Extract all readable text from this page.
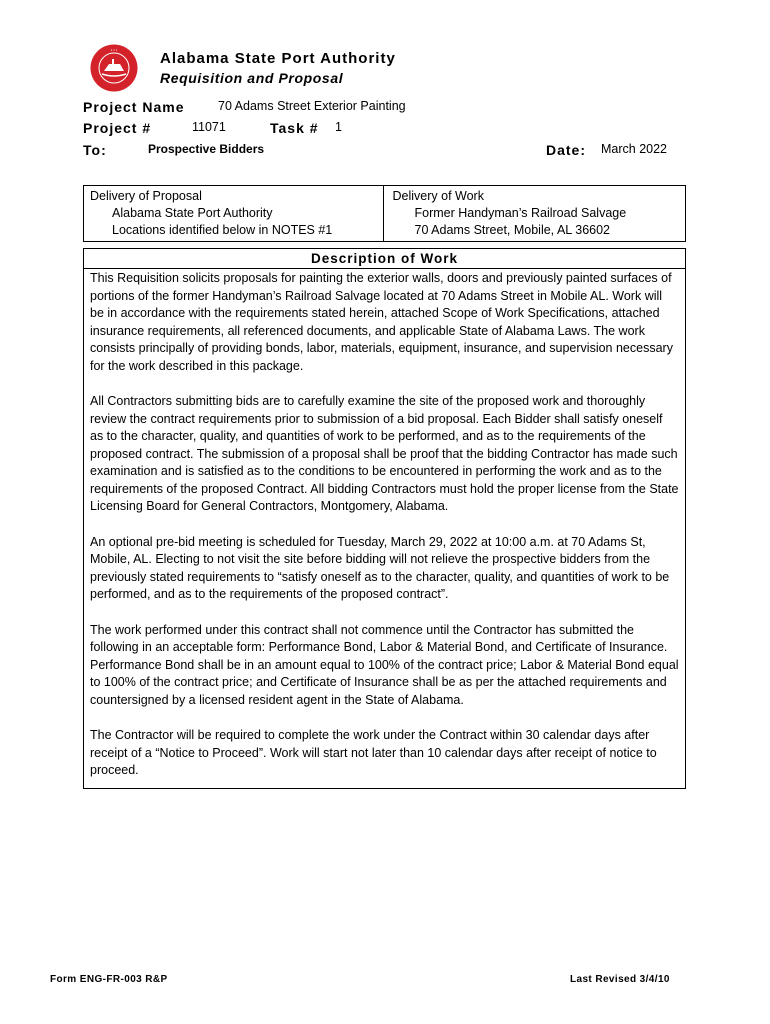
• • •
Alabama State Port Authority
Requisition and Proposal
Project Name	70 Adams Street Exterior Painting
Project #	11071	Task # 1
To:	Prospective Bidders	Date: March 2022
Delivery of Proposal
Alabama State Port Authority
Locations identified below in NOTES #1
Delivery of Work
Former Handyman’s Railroad Salvage
70 Adams Street, Mobile, AL 36602
Description of Work

This Requisition solicits proposals for painting the exterior walls, doors and previously painted surfaces of portions of the former Handyman’s Railroad Salvage located at 70 Adams Street in Mobile AL. Work will be in accordance with the requirements stated herein, attached Scope of Work Specifications, attached insurance requirements, all referenced documents, and applicable State of Alabama Laws. The work consists principally of providing bonds, labor, materials, equipment, insurance, and supervision necessary for the work described in this package.

All Contractors submitting bids are to carefully examine the site of the proposed work and thoroughly review the contract requirements prior to submission of a bid proposal. Each Bidder shall satisfy oneself as to the character, quality, and quantities of work to be performed, and as to the requirements of the proposed contract. The submission of a proposal shall be proof that the bidding Contractor has made such examination and is satisfied as to the conditions to be encountered in performing the work and as to the requirements of the proposed Contract. All bidding Contractors must hold the proper license from the State Licensing Board for General Contractors, Montgomery, Alabama.

An optional pre-bid meeting is scheduled for Tuesday, March 29, 2022 at 10:00 a.m. at 70 Adams St, Mobile, AL. Electing to not visit the site before bidding will not relieve the prospective bidders from the previously stated requirements to “satisfy oneself as to the character, quality, and quantities of work to be performed, and as to the requirements of the proposed contract”.

The work performed under this contract shall not commence until the Contractor has submitted the following in an acceptable form: Performance Bond, Labor & Material Bond, and Certificate of Insurance. Performance Bond shall be in an amount equal to 100% of the contract price; Labor & Material Bond equal to 100% of the contract price; and Certificate of Insurance shall be as per the attached requirements and countersigned by a licensed resident agent in the State of Alabama.

The Contractor will be required to complete the work under the Contract within 30 calendar days after receipt of a “Notice to Proceed”. Work will start not later than 10 calendar days after receipt of notice to proceed.

Form ENG-FR-003 R&P	Last Revised 3/4/10
